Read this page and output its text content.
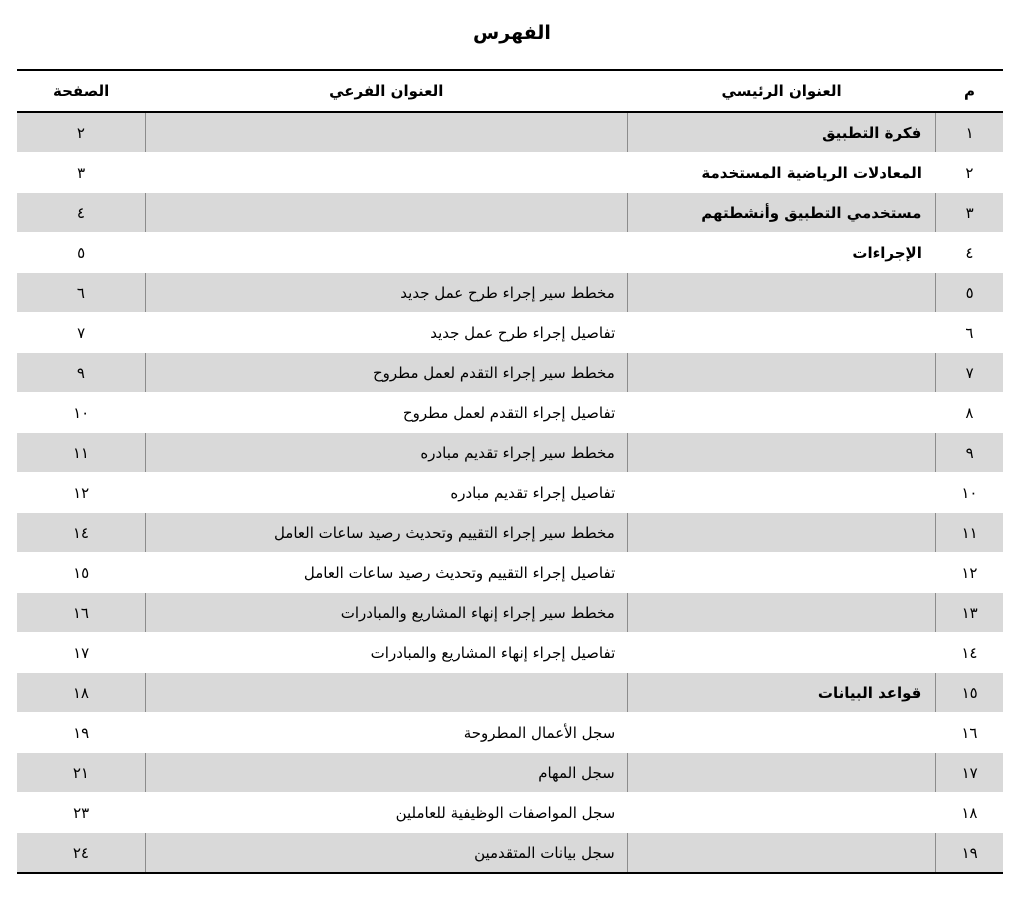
الفهرس
م	العنوان الرئيسي	العنوان الفرعي	الصفحة
١	فكرة التطبيق		٢
٢	المعادلات الرياضية المستخدمة		٣
٣	مستخدمي التطبيق وأنشطتهم		٤
٤	الإجراءات		٥
٥		مخطط سير إجراء طرح عمل جديد	٦
٦		تفاصيل إجراء طرح عمل جديد	٧
٧		مخطط سير إجراء التقدم لعمل مطروح	٩
٨		تفاصيل إجراء التقدم لعمل مطروح	١٠
٩		مخطط سير إجراء تقديم مبادره	١١
١٠		تفاصيل إجراء تقديم مبادره	١٢
١١		مخطط سير إجراء التقييم وتحديث رصيد ساعات العامل	١٤
١٢		تفاصيل إجراء التقييم وتحديث رصيد ساعات العامل	١٥
١٣		مخطط سير إجراء إنهاء المشاريع والمبادرات	١٦
١٤		تفاصيل إجراء إنهاء المشاريع والمبادرات	١٧
١٥	قواعد البيانات		١٨
١٦		سجل الأعمال المطروحة	١٩
١٧		سجل المهام	٢١
١٨		سجل المواصفات الوظيفية للعاملين	٢٣
١٩		سجل بيانات المتقدمين	٢٤
